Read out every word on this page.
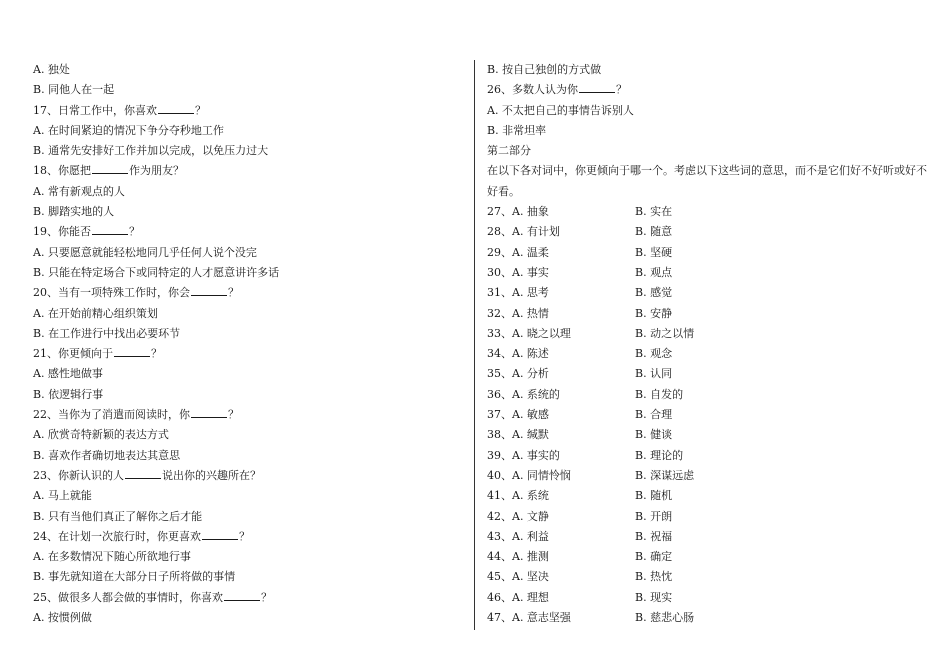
A. 独处
B. 同他人在一起
17、日常工作中，你喜欢	？
A. 在时间紧迫的情况下争分夺秒地工作
B. 通常先安排好工作并加以完成，以免压力过大
18、你愿把	作为朋友？
A. 常有新观点的人
B. 脚踏实地的人
19、你能否	？
A. 只要愿意就能轻松地同几乎任何人说个没完
B. 只能在特定场合下或同特定的人才愿意讲许多话
20、当有一项特殊工作时，你会	？
A. 在开始前精心组织策划
B. 在工作进行中找出必要环节
21、你更倾向于	？
A. 感性地做事
B. 依逻辑行事
22、当你为了消遣而阅读时，你	？
A. 欣赏奇特新颖的表达方式
B. 喜欢作者确切地表达其意思
23、你新认识的人	说出你的兴趣所在？
A. 马上就能
B. 只有当他们真正了解你之后才能
24、在计划一次旅行时，你更喜欢	？
A. 在多数情况下随心所欲地行事
B. 事先就知道在大部分日子所将做的事情
25、做很多人都会做的事情时，你喜欢	？
A. 按惯例做
B. 按自己独创的方式做
26、多数人认为你	？
A. 不太把自己的事情告诉别人
B. 非常坦率
第二部分
在以下各对词中，你更倾向于哪一个。考虑以下这些词的意思，而不是它们好不好听或好不好看。
27、A. 抽象	B. 实在
28、A. 有计划	B. 随意
29、A. 温柔	B. 坚硬
30、A. 事实	B. 观点
31、A. 思考	B. 感觉
32、A. 热情	B. 安静
33、A. 晓之以理	B. 动之以情
34、A. 陈述	B. 观念
35、A. 分析	B. 认同
36、A. 系统的	B. 自发的
37、A. 敏感	B. 合理
38、A. 缄默	B. 健谈
39、A. 事实的	B. 理论的
40、A. 同情怜悯	B. 深谋远虑
41、A. 系统	B. 随机
42、A. 文静	B. 开朗
43、A. 利益	B. 祝福
44、A. 推测	B. 确定
45、A. 坚决	B. 热忱
46、A. 理想	B. 现实
47、A. 意志坚强	B. 慈悲心肠
